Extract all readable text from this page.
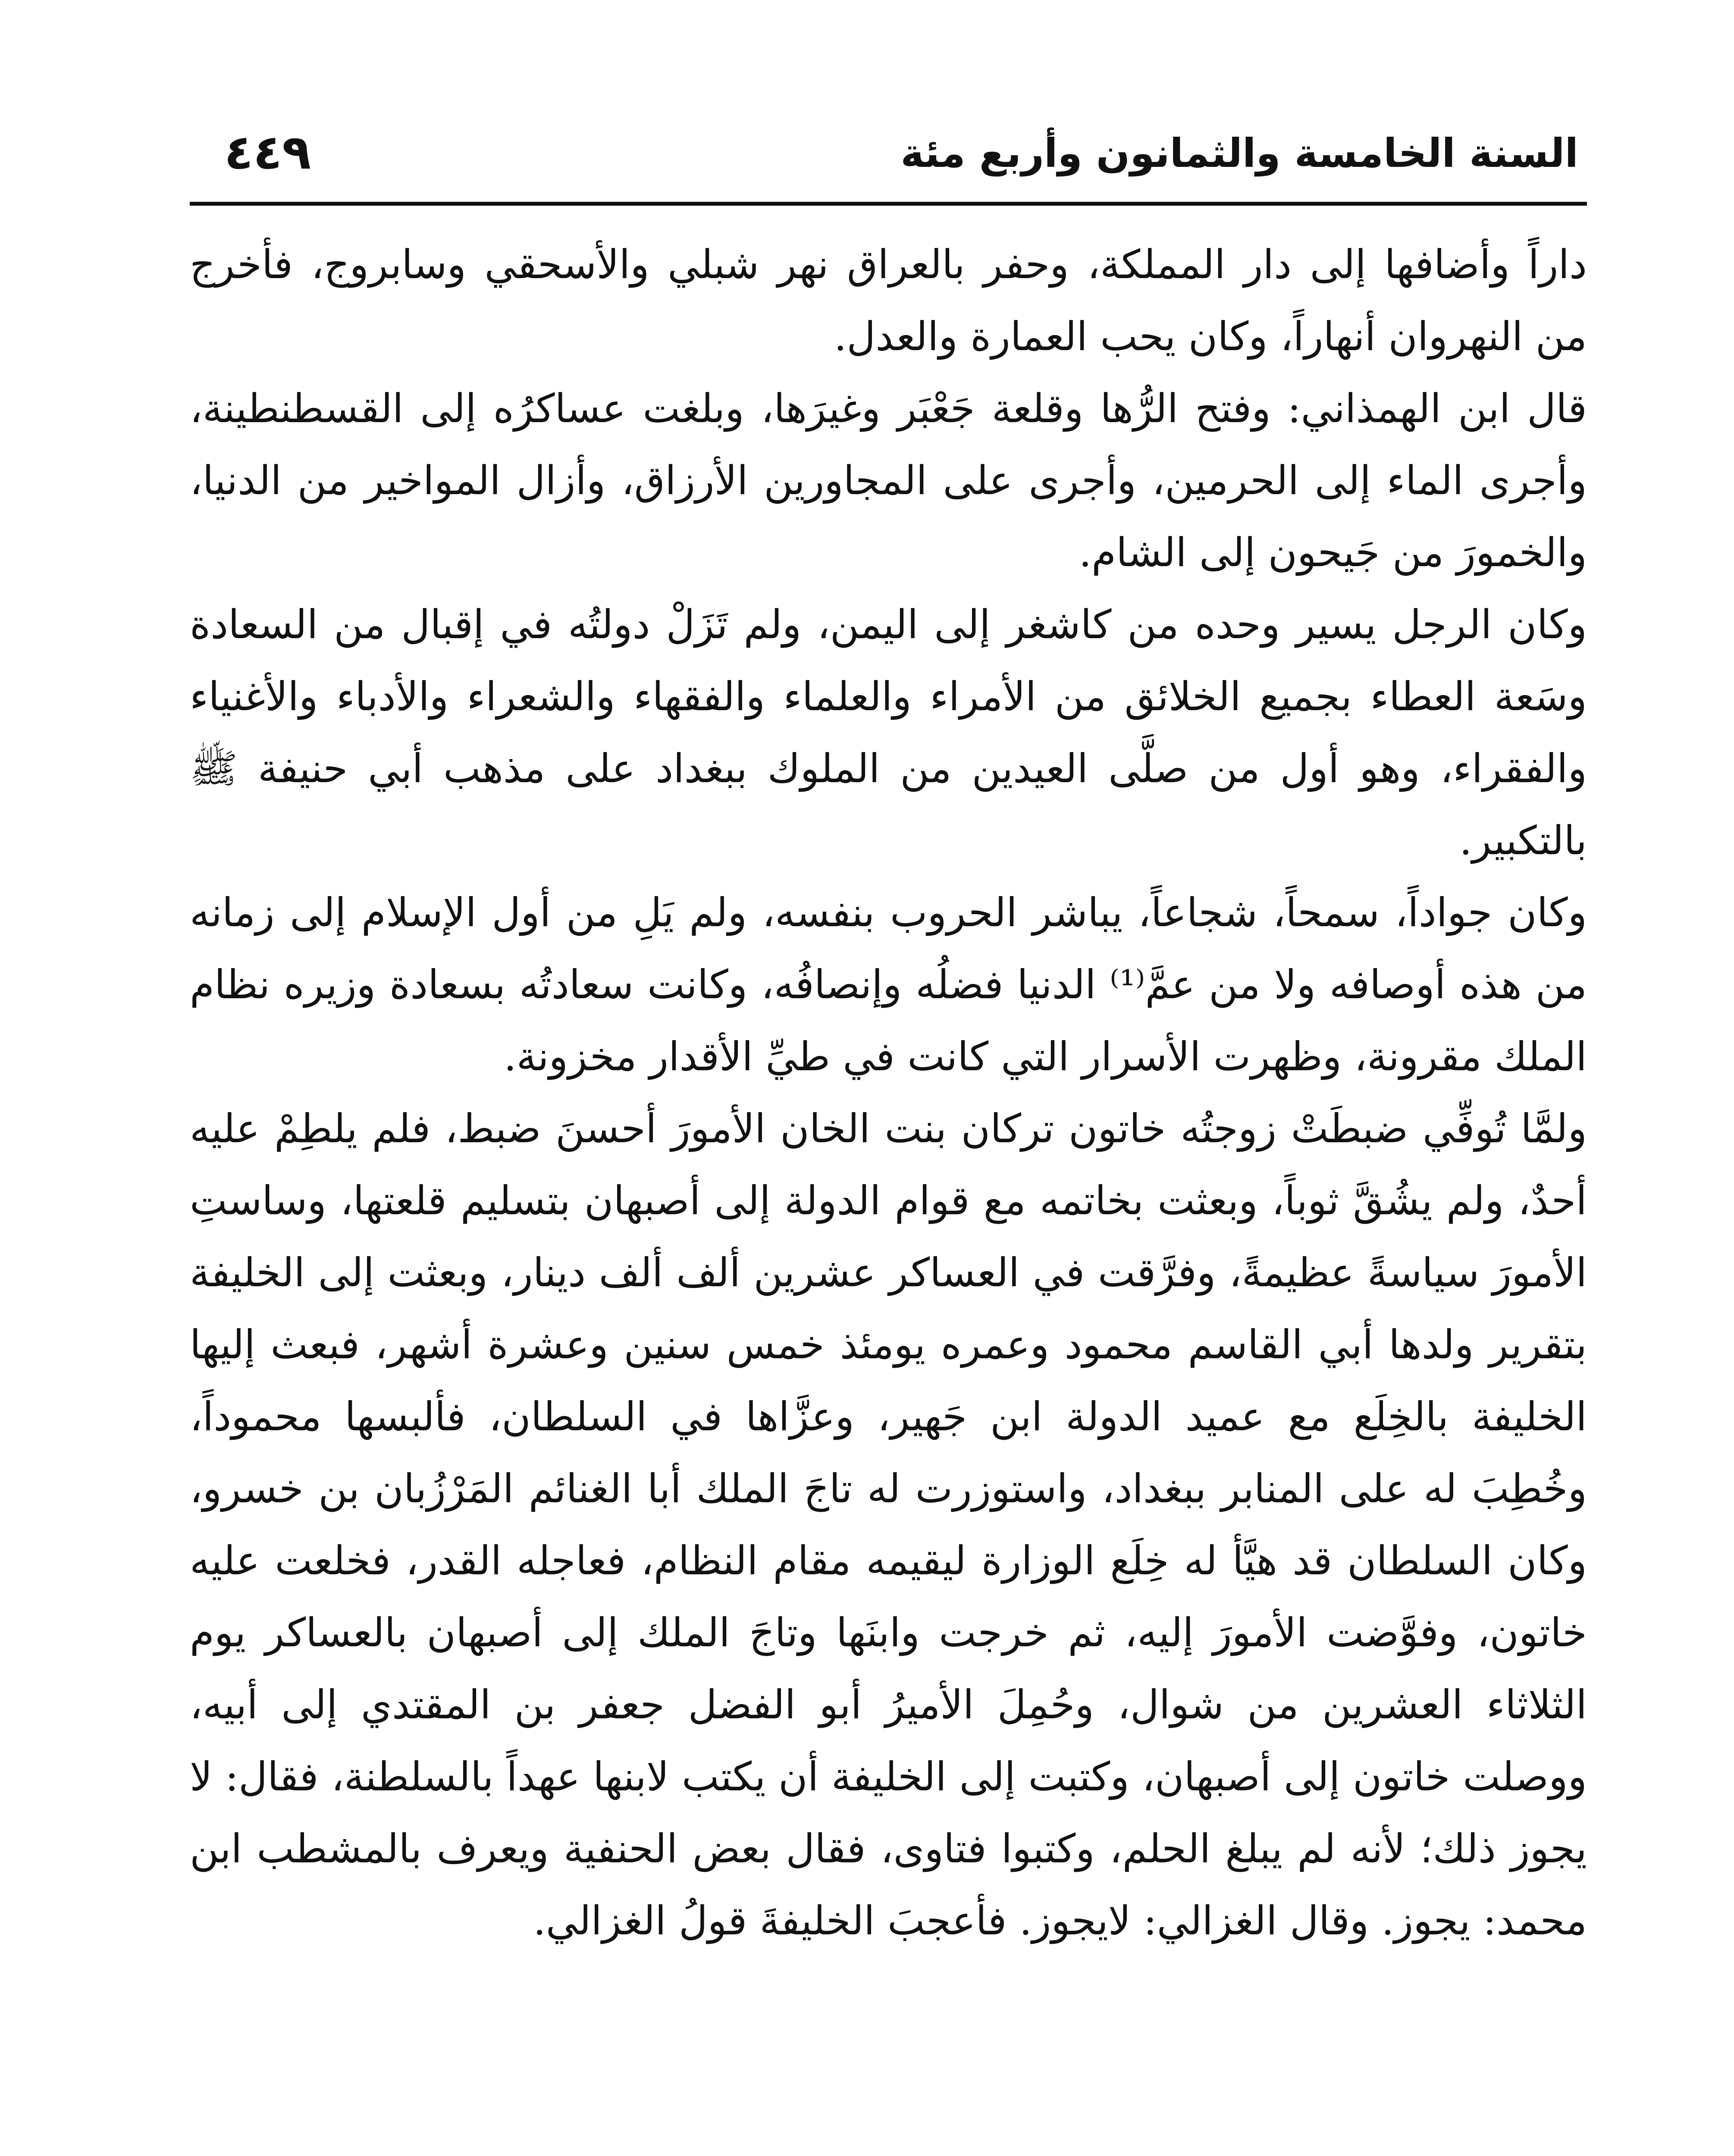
السنة الخامسة والثمانون وأربع مئة
٤٤٩

داراً وأضافها إلى دار المملكة، وحفر بالعراق نهر شبلي والأسحقي وسابروج، فأخرج من النهروان أنهاراً، وكان يحب العمارة والعدل.

قال ابن الهمذاني: وفتح الرُّها وقلعة جَعْبَر وغيرَها، وبلغت عساكرُه إلى القسطنطينة، وأجرى الماء إلى الحرمين، وأجرى على المجاورين الأرزاق، وأزال المواخير من الدنيا، والخمورَ من جَيحون إلى الشام.

وكان الرجل يسير وحده من كاشغر إلى اليمن، ولم تَزَلْ دولتُه في إقبال من السعادة وسَعة العطاء بجميع الخلائق من الأمراء والعلماء والفقهاء والشعراء والأدباء والأغنياء والفقراء، وهو أول من صلَّى العيدين من الملوك ببغداد على مذهب أبي حنيفة ﷺ بالتكبير.

وكان جواداً، سمحاً، شجاعاً، يباشر الحروب بنفسه، ولم يَلِ من أول الإسلام إلى زمانه من هذه أوصافه ولا من عمَّ⁽¹⁾ الدنيا فضلُه وإنصافُه، وكانت سعادتُه بسعادة وزيره نظام الملك مقرونة، وظهرت الأسرار التي كانت في طيِّ الأقدار مخزونة.

ولمَّا تُوفِّي ضبطَتْ زوجتُه خاتون تركان بنت الخان الأمورَ أحسنَ ضبط، فلم يلطِمْ عليه أحدٌ، ولم يشُقَّ ثوباً، وبعثت بخاتمه مع قوام الدولة إلى أصبهان بتسليم قلعتها، وساستِ الأمورَ سياسةً عظيمةً، وفرَّقت في العساكر عشرين ألف ألف دينار، وبعثت إلى الخليفة بتقرير ولدها أبي القاسم محمود وعمره يومئذ خمس سنين وعشرة أشهر، فبعث إليها الخليفة بالخِلَع مع عميد الدولة ابن جَهير، وعزَّاها في السلطان، فألبسها محموداً، وخُطِبَ له على المنابر ببغداد، واستوزرت له تاجَ الملك أبا الغنائم المَرْزُبان بن خسرو، وكان السلطان قد هيَّأ له خِلَع الوزارة ليقيمه مقام النظام، فعاجله القدر، فخلعت عليه خاتون، وفوَّضت الأمورَ إليه، ثم خرجت وابنَها وتاجَ الملك إلى أصبهان بالعساكر يوم الثلاثاء العشرين من شوال، وحُمِلَ الأميرُ أبو الفضل جعفر بن المقتدي إلى أبيه، ووصلت خاتون إلى أصبهان، وكتبت إلى الخليفة أن يكتب لابنها عهداً بالسلطنة، فقال: لا يجوز ذلك؛ لأنه لم يبلغ الحلم، وكتبوا فتاوى، فقال بعض الحنفية ويعرف بالمشطب ابن محمد: يجوز. وقال الغزالي: لايجوز. فأعجبَ الخليفةَ قولُ الغزالي.
